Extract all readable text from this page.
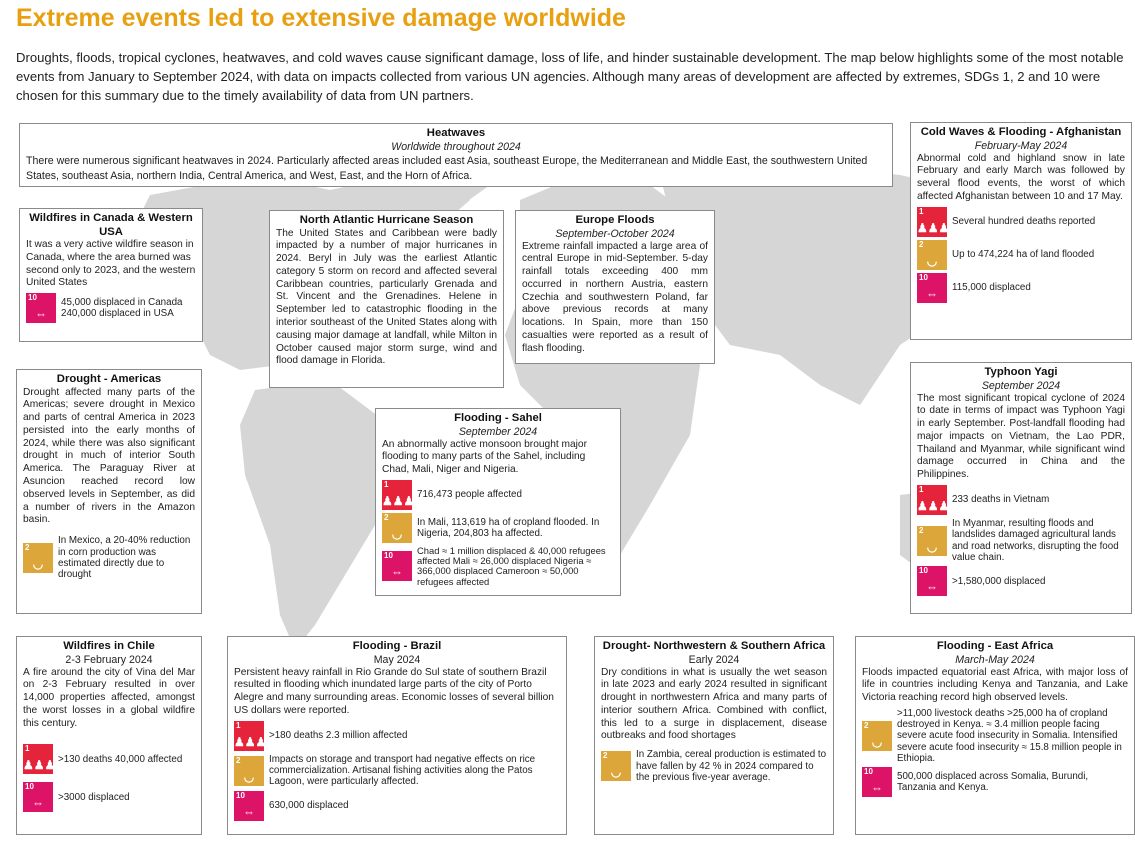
Extreme events led to extensive damage worldwide
Droughts, floods, tropical cyclones, heatwaves, and cold waves cause significant damage, loss of life, and hinder sustainable development. The map below highlights some of the most notable events from January to September 2024, with data on impacts collected from various UN agencies. Although many areas of development are affected by extremes, SDGs 1, 2 and 10 were chosen for this summary due to the timely availability of data from UN partners.
Heatwaves
Worldwide throughout 2024

There were numerous significant heatwaves in 2024. Particularly affected areas included east Asia, southeast Europe, the Mediterranean and Middle East, the southwestern United States, southeast Asia, northern India, Central America, and West, East, and the Horn of Africa.

Wildfires in Canada & Western USA

It was a very active wildfire season in Canada, where the area burned was second only to 2023, and the western United States

10
⇔
45,000 displaced in Canada 240,000 displaced in USA
North Atlantic Hurricane Season

The United States and Caribbean were badly impacted by a number of major hurricanes in 2024. Beryl in July was the earliest Atlantic category 5 storm on record and affected several Caribbean countries, particularly Grenada and St. Vincent and the Grenadines. Helene in September led to catastrophic flooding in the interior southeast of the United States along with causing major damage at landfall, while Milton in October caused major storm surge, wind and flood damage in Florida.

Europe Floods
September-October 2024

Extreme rainfall impacted a large area of central Europe in mid-September. 5-day rainfall totals exceeding 400 mm occurred in northern Austria, eastern Czechia and southwestern Poland, far above previous records at many locations. In Spain, more than 150 casualties were reported as a result of flash flooding.

Cold Waves & Flooding - Afghanistan
February-May 2024

Abnormal cold and highland snow in late February and early March was followed by several flood events, the worst of which affected Afghanistan between 10 and 17 May.

1
♟♟♟ Several hundred deaths reported
2
◡	Up to 474,224 ha of land flooded
10
⇔	115,000 displaced
Drought - Americas

Drought affected many parts of the Americas; severe drought in Mexico and parts of central America in 2023 persisted into the early months of 2024, while there was also significant drought in much of interior South America. The Paraguay River at Asuncion reached record low observed levels in September, as did a number of rivers in the Amazon basin.

2
◡
In Mexico, a 20-40% reduction in corn production was estimated directly due to drought
Flooding - Sahel
September 2024

An abnormally active monsoon brought major flooding to many parts of the Sahel, including Chad, Mali, Niger and Nigeria.

1
♟♟♟ 716,473 people affected
2
◡
In Mali, 113,619 ha of cropland flooded. In Nigeria, 204,803 ha affected.
10
⇔
Chad ≈ 1 million displaced & 40,000 refugees affected Mali ≈ 26,000 displaced Nigeria ≈ 366,000 displaced Cameroon ≈ 50,000 refugees affected
Typhoon Yagi
September 2024

The most significant tropical cyclone of 2024 to date in terms of impact was Typhoon Yagi in early September. Post-landfall flooding had major impacts on Vietnam, the Lao PDR, Thailand and Myanmar, while significant wind damage occurred in China and the Philippines.

1
♟♟♟ 233 deaths in Vietnam
2
◡
In Myanmar, resulting floods and landslides damaged agricultural lands and road networks, disrupting the food value chain.
10
⇔	>1,580,000 displaced
Wildfires in Chile
2-3 February 2024

A fire around the city of Vina del Mar on 2-3 February resulted in over 14,000 properties affected, amongst the worst losses in a global wildfire this century.

1
♟♟♟ >130 deaths 40,000 affected
10
⇔	>3000 displaced
Flooding - Brazil
May 2024

Persistent heavy rainfall in Rio Grande do Sul state of southern Brazil resulted in flooding which inundated large parts of the city of Porto Alegre and many surrounding areas. Economic losses of several billion US dollars were reported.

1
♟♟♟ >180 deaths 2.3 million affected
2
◡
Impacts on storage and transport had negative effects on rice commercialization. Artisanal fishing activities along the Patos Lagoon, were particularly affected.
10
⇔	630,000 displaced
Drought- Northwestern & Southern Africa
Early 2024

Dry conditions in what is usually the wet season in late 2023 and early 2024 resulted in significant drought in northwestern Africa and many parts of interior southern Africa. Combined with conflict, this led to a surge in displacement, disease outbreaks and food shortages

2
◡
In Zambia, cereal production is estimated to have fallen by 42 % in 2024 compared to the previous five-year average.
Flooding - East Africa
March-May 2024

Floods impacted equatorial east Africa, with major loss of life in countries including Kenya and Tanzania, and Lake Victoria reaching record high observed levels.

2
◡
>11,000 livestock deaths >25,000 ha of cropland destroyed in Kenya. ≈ 3.4 million people facing severe acute food insecurity in Somalia. Intensified severe acute food insecurity ≈ 15.8 million people in Ethiopia.
10
⇔
500,000 displaced across Somalia, Burundi, Tanzania and Kenya.
